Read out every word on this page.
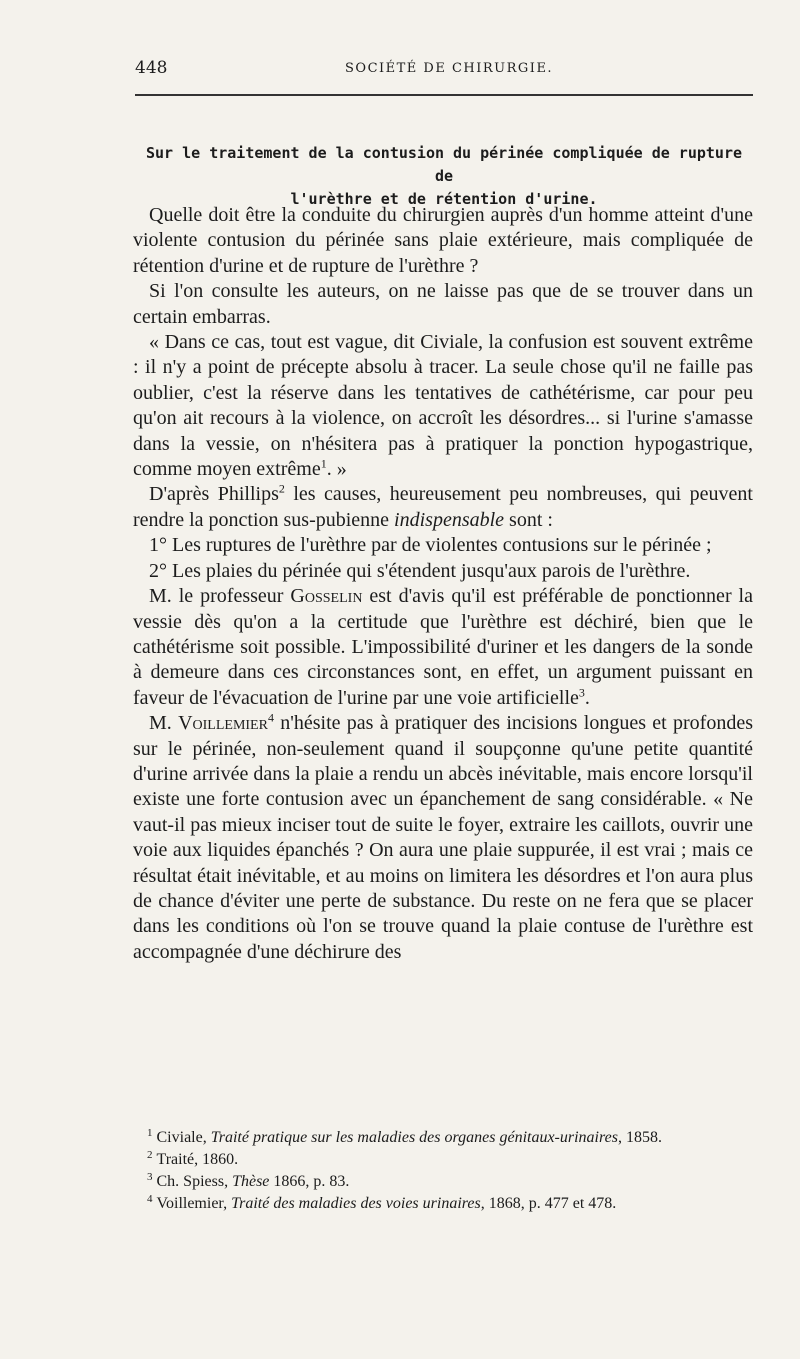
448	SOCIÉTÉ DE CHIRURGIE.
Sur le traitement de la contusion du périnée compliquée de rupture de
l'urèthre et de rétention d'urine.

Quelle doit être la conduite du chirurgien auprès d'un homme atteint d'une violente contusion du périnée sans plaie extérieure, mais compliquée de rétention d'urine et de rupture de l'urèthre ?

Si l'on consulte les auteurs, on ne laisse pas que de se trouver dans un certain embarras.

« Dans ce cas, tout est vague, dit Civiale, la confusion est souvent extrême : il n'y a point de précepte absolu à tracer. La seule chose qu'il ne faille pas oublier, c'est la réserve dans les tentatives de cathétérisme, car pour peu qu'on ait recours à la violence, on accroît les désordres... si l'urine s'amasse dans la vessie, on n'hésitera pas à pratiquer la ponction hypogastrique, comme moyen extrême$^1$. »

D'après Phillips$^2$ les causes, heureusement peu nombreuses, qui peuvent rendre la ponction sus-pubienne indispensable sont :

1° Les ruptures de l'urèthre par de violentes contusions sur le périnée ;

2° Les plaies du périnée qui s'étendent jusqu'aux parois de l'urèthre.

M. le professeur Gosselin est d'avis qu'il est préférable de ponctionner la vessie dès qu'on a la certitude que l'urèthre est déchiré, bien que le cathétérisme soit possible. L'impossibilité d'uriner et les dangers de la sonde à demeure dans ces circonstances sont, en effet, un argument puissant en faveur de l'évacuation de l'urine par une voie artificielle$^3$.

M. Voillemier$^4$ n'hésite pas à pratiquer des incisions longues et profondes sur le périnée, non-seulement quand il soupçonne qu'une petite quantité d'urine arrivée dans la plaie a rendu un abcès inévitable, mais encore lorsqu'il existe une forte contusion avec un épanchement de sang considérable. « Ne vaut-il pas mieux inciser tout de suite le foyer, extraire les caillots, ouvrir une voie aux liquides épanchés ? On aura une plaie suppurée, il est vrai ; mais ce résultat était inévitable, et au moins on limitera les désordres et l'on aura plus de chance d'éviter une perte de substance. Du reste on ne fera que se placer dans les conditions où l'on se trouve quand la plaie contuse de l'urèthre est accompagnée d'une déchirure des

$^1$ Civiale, Traité pratique sur les maladies des organes génitaux-urinaires, 1858.

$^2$ Traité, 1860.

$^3$ Ch. Spiess, Thèse 1866, p. 83.

$^4$ Voillemier, Traité des maladies des voies urinaires, 1868, p. 477 et 478.
